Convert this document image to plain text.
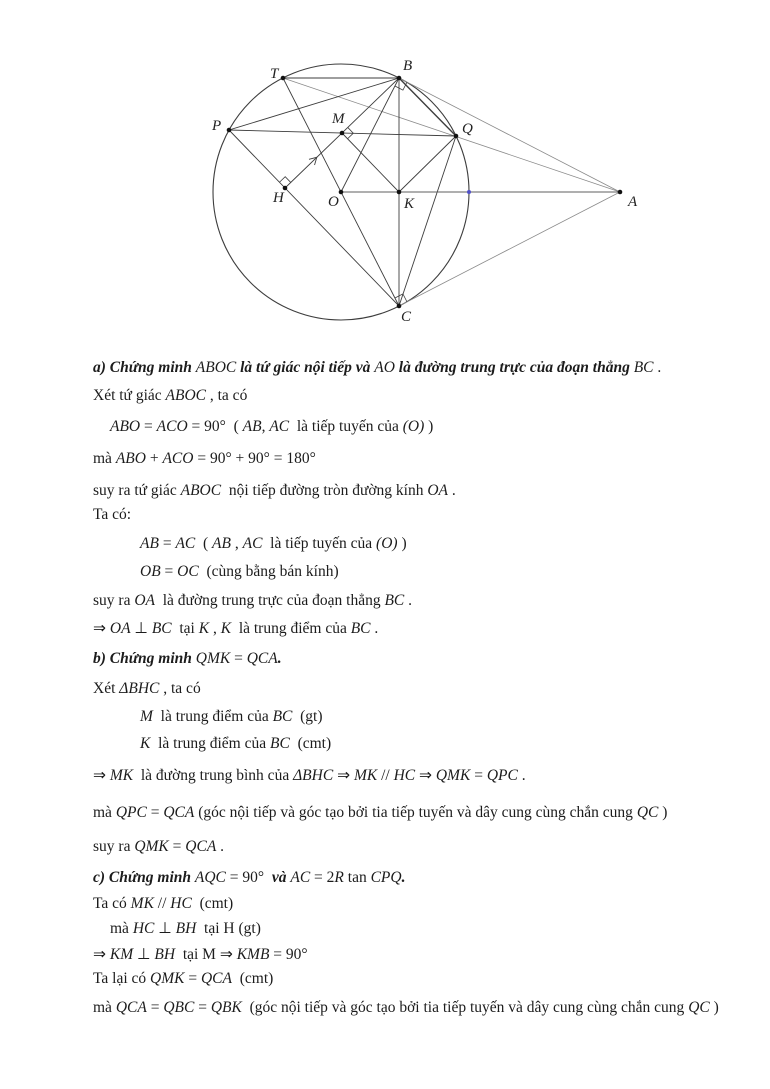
T	B
P	M
Q
H	O	K	A
C
a) Chứng minh ABOC là tứ giác nội tiếp và AO là đường trung trực của đoạn thẳng BC .
Xét tứ giác ABOC , ta có
ABO = ACO = 90°  ( AB, AC  là tiếp tuyến của (O) )
mà ABO + ACO = 90° + 90° = 180°
suy ra tứ giác ABOC  nội tiếp đường tròn đường kính OA .
Ta có:
AB = AC  ( AB , AC  là tiếp tuyến của (O) )
OB = OC  (cùng bằng bán kính)
suy ra OA  là đường trung trực của đoạn thẳng BC .
⇒ OA ⊥ BC  tại K , K  là trung điểm của BC .
b) Chứng minh QMK = QCA.
Xét ΔBHC , ta có
M  là trung điểm của BC  (gt)
K  là trung điểm của BC  (cmt)
⇒ MK  là đường trung bình của ΔBHC ⇒ MK // HC ⇒ QMK = QPC .
mà QPC = QCA (góc nội tiếp và góc tạo bởi tia tiếp tuyến và dây cung cùng chắn cung QC )
suy ra QMK = QCA .
c) Chứng minh AQC = 90°  và AC = 2R tan CPQ.
Ta có MK // HC  (cmt)
mà HC ⊥ BH  tại H (gt)
⇒ KM ⊥ BH  tại M ⇒ KMB = 90°
Ta lại có QMK = QCA  (cmt)
mà QCA = QBC = QBK  (góc nội tiếp và góc tạo bởi tia tiếp tuyến và dây cung cùng chắn cung QC )
